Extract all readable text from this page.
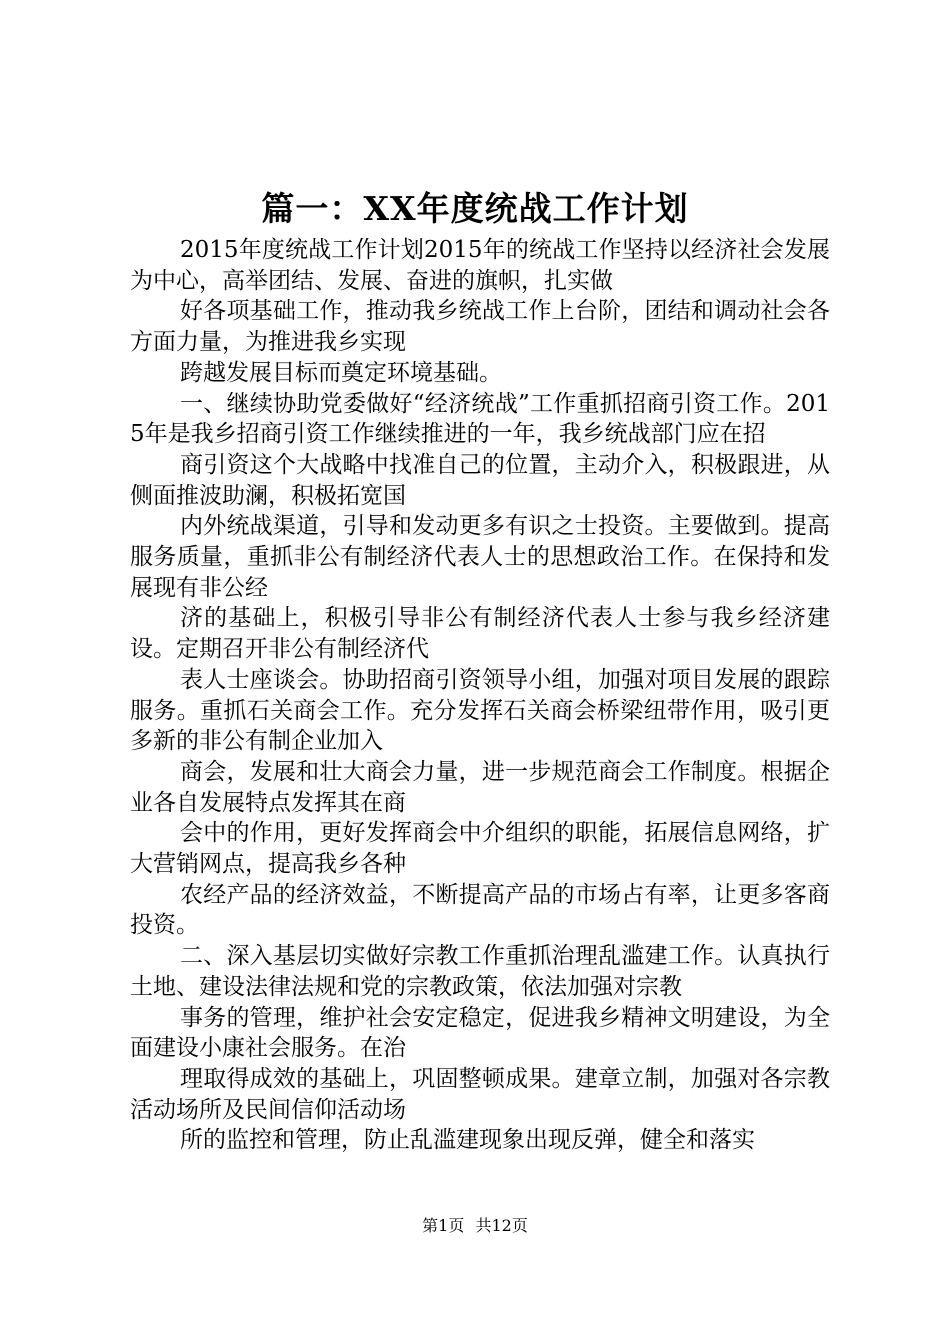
篇一：XX年度统战工作计划

2015年度统战工作计划2015年的统战工作坚持以经济社会发展为中心，高举团结、发展、奋进的旗帜，扎实做

好各项基础工作，推动我乡统战工作上台阶，团结和调动社会各方面力量，为推进我乡实现

跨越发展目标而奠定环境基础。

一、继续协助党委做好“经济统战”工作重抓招商引资工作。2015年是我乡招商引资工作继续推进的一年，我乡统战部门应在招

商引资这个大战略中找准自己的位置，主动介入，积极跟进，从侧面推波助澜，积极拓宽国

内外统战渠道，引导和发动更多有识之士投资。主要做到。提高服务质量，重抓非公有制经济代表人士的思想政治工作。在保持和发展现有非公经

济的基础上，积极引导非公有制经济代表人士参与我乡经济建设。定期召开非公有制经济代

表人士座谈会。协助招商引资领导小组，加强对项目发展的跟踪服务。重抓石关商会工作。充分发挥石关商会桥梁纽带作用，吸引更多新的非公有制企业加入

商会，发展和壮大商会力量，进一步规范商会工作制度。根据企业各自发展特点发挥其在商

会中的作用，更好发挥商会中介组织的职能，拓展信息网络，扩大营销网点，提高我乡各种

农经产品的经济效益，不断提高产品的市场占有率，让更多客商投资。

二、深入基层切实做好宗教工作重抓治理乱滥建工作。认真执行土地、建设法律法规和党的宗教政策，依法加强对宗教

事务的管理，维护社会安定稳定，促进我乡精神文明建设，为全面建设小康社会服务。在治

理取得成效的基础上，巩固整顿成果。建章立制，加强对各宗教活动场所及民间信仰活动场

所的监控和管理，防止乱滥建现象出现反弹，健全和落实

第1页 共12页
